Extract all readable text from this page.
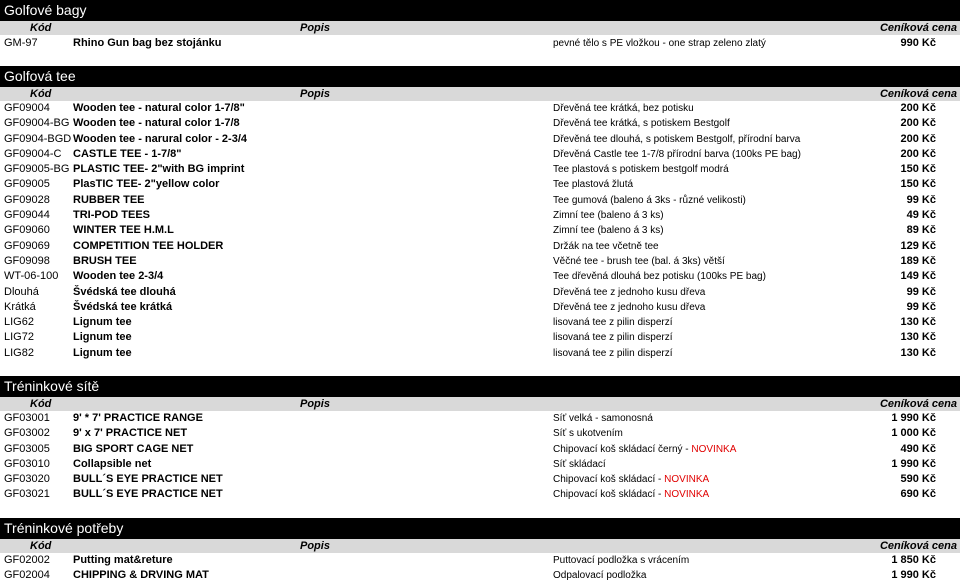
Golfové bagy
Kód	Popis	Ceníková cena
GM-97	Rhino Gun bag bez stojánku	pevné tělo s PE vložkou - one strap zeleno zlatý	990 Kč
Golfová tee
Kód	Popis	Ceníková cena
GF09004 Wooden tee - natural color 1-7/8"	Dřevěná tee krátká, bez potisku	200 Kč
GF09004-BG Wooden tee - natural color 1-7/8	Dřevěná tee krátká, s potiskem Bestgolf	200 Kč
GF0904-BGD Wooden tee - narural color - 2-3/4	Dřevěná tee dlouhá, s potiskem Bestgolf, přírodní barva	200 Kč
GF09004-C CASTLE TEE - 1-7/8"	Dřevěná Castle tee 1-7/8 přírodní barva (100ks PE bag)	200 Kč
GF09005-BG PLASTIC TEE- 2"with BG imprint	Tee plastová s potiskem bestgolf modrá	150 Kč
GF09005 PlasTIC TEE- 2"yellow color	Tee plastová žlutá	150 Kč
GF09028 RUBBER TEE	Tee gumová (baleno á 3ks - různé velikosti)	99 Kč
GF09044 TRI-POD TEES	Zimní tee (baleno á 3 ks)	49 Kč
GF09060 WINTER TEE H.M.L	Zimní tee (baleno á 3 ks)	89 Kč
GF09069 COMPETITION TEE HOLDER	Držák na tee včetně tee	129 Kč
GF09098 BRUSH TEE	Věčné tee - brush tee (bal. á 3ks) větší	189 Kč
WT-06-100 Wooden tee 2-3/4	Tee dřevěná dlouhá bez potisku (100ks PE bag)	149 Kč
Dlouhá	Švédská tee dlouhá	Dřevěná tee z jednoho kusu dřeva	99 Kč
Krátká	Švédská tee krátká	Dřevěná tee z jednoho kusu dřeva	99 Kč
LIG62	Lignum tee	lisovaná tee z pilin disperzí	130 Kč
LIG72	Lignum tee	lisovaná tee z pilin disperzí	130 Kč
LIG82	Lignum tee	lisovaná tee z pilin disperzí	130 Kč
Tréninkové sítě
Kód	Popis	Ceníková cena
GF03001 9' * 7' PRACTICE RANGE	Síť velká - samonosná	1 990 Kč
GF03002 9' x 7' PRACTICE NET	Síť s ukotvením	1 000 Kč
GF03005 BIG SPORT CAGE NET	Chipovací koš skládací černý - NOVINKA	490 Kč
GF03010 Collapsible net	Síť skládací	1 990 Kč
GF03020 BULL´S EYE PRACTICE NET	Chipovací koš skládací - NOVINKA	590 Kč
GF03021 BULL´S EYE PRACTICE NET	Chipovací koš skládací - NOVINKA	690 Kč
Tréninkové potřeby
Kód	Popis	Ceníková cena
GF02002 Putting mat&reture	Puttovací podložka s vrácením	1 850 Kč
GF02004 CHIPPING & DRVING MAT	Odpalovací podložka	1 990 Kč
